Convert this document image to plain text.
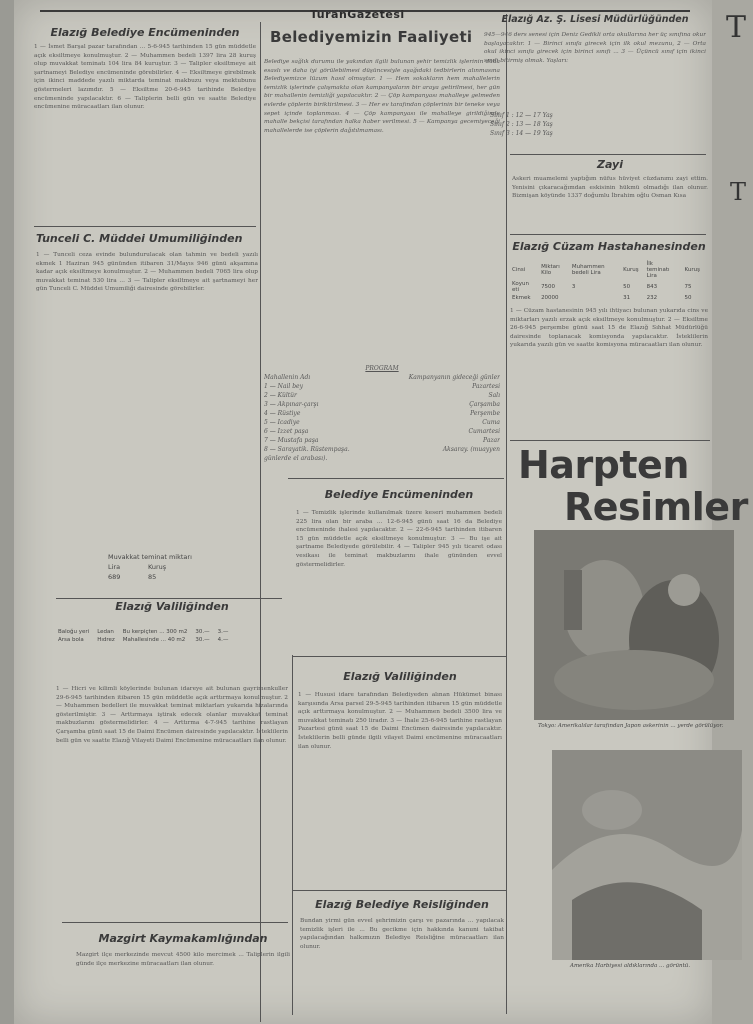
T
T
TuranGazetesi
Elazığ Belediye Encümeninden
1 — İsmet Barşal pazar tarafından ... 5-6-945 tarihinden 15 gün müddetle açık eksiltmeye konulmuştur. 2 — Muhammen bedeli 1397 lira 28 kuruş olup muvakkat teminatı 104 lira 84 kuruştur. 3 — Talipler eksiltmeye ait şartnameyi Belediye encümeninde görebilirler. 4 — Eksiltmeye girebilmek için ikinci maddede yazılı miktarda teminat makbuzu veya mektubunu göstermeleri lazımdır. 5 — Eksiltme 20-6-945 tarihinde Belediye encümeninde yapılacaktır. 6 — Taliplerin belli gün ve saatte Belediye encümenine müracaatları ilan olunur.
Tunceli C. Müddei Umumiliğinden
1 — Tunceli ceza evinde bulundurulacak olan tahmin ve bedeli yazılı ekmek 1 Haziran 945 gününden itibaren 31/Mayıs 946 günü akşamına kadar açık eksiltmeye konulmuştur. 2 — Muhammen bedeli 7065 lira olup muvakkat teminat 530 lira ... 3 — Talipler eksiltmeye ait şartnameyi her gün Tunceli C. Müddei Umumiliği dairesinde görebilirler.
Muvakkat teminat miktarı	
Lira	Kuruş
689	85
Elazığ Valiliğinden
Baloğu yeri	Ledan	Bu kerpiçten ... 300 m2	30.—	3.—
Arsa bola	Hıdrez	Mahallesinde ... 40 m2	30.—	4.—
1 — Hicri ve kilimli köylerinde bulunan idareye ait bulunan gayrimenkuller 29-6-945 tarihinden itibaren 15 gün müddetle açık arttırmaya konulmuştur. 2 — Muhammen bedelleri ile muvakkat teminat miktarları yukarıda hizalarında gösterilmiştir. 3 — Arttırmaya iştirak edecek olanlar muvakkat teminat makbuzlarını göstermelidirler. 4 — Arttırma 4-7-945 tarihine rastlayan Çarşamba günü saat 15 de Daimi Encümen dairesinde yapılacaktır. İsteklilerin belli gün ve saatte Elazığ Vilayeti Daimi Encümenine müracaatları ilan olunur.
Mazgirt Kaymakamlığından
Mazgirt ilçe merkezinde mevcut 4500 kilo mercimek ... Taliplerin ilgili günde ilçe merkezine müracaatları ilan olunur.
Belediyemizin Faaliyeti
Belediye sağlık durumu ile yakından ilgili bulunan şehir temizlik işlerinin daha esaslı ve daha iyi görülebilmesi düşüncesiyle aşağıdaki tedbirlerin alınmasına Belediyemizce lüzum hasıl olmuştur. 1 — Hem sokakların hem mahallelerin temizlik işlerinde çalışmakta olan kampanyaların bir araya getirilmesi, her gün bir mahallenin temizliği yapılacaktır. 2 — Çöp kampanyası mahalleye gelmeden evlerde çöplerin biriktirilmesi. 3 — Her ev tarafından çöplerinin bir teneke veya sepet içinde toplanması. 4 — Çöp kampanyası ile mahalleye girildiğinde mahalle bekçisi tarafından halka haber verilmesi. 5 — Kampanya gecemiyeceği mahallelerde ise çöplerin dağıtılmaması.
PROGRAM
Mahallenin Adı	Kampanyanın gideceği günler
1 — Nail bey	Pazartesi
2 — Kültür	Salı
3 — Akpınar-çarşı	Çarşamba
4 — Rüstiye	Perşembe
5 — İcadiye	Cuma
6 — İzzet paşa	Cumartesi
7 — Mustafa paşa	Pazar
8 — Sarayatik. Rüstempaşa.	Aksaray. (muayyen
günlerde el arabası).
Belediye Encümeninden
1 — Temizlik işlerinde kullanılmak üzere keseri muhammen bedeli 225 lira olan bir araba ... 12-6-945 günü saat 16 da Belediye encümeninde ihalesi yapılacaktır. 2 — 22-6-945 tarihinden itibaren 15 gün müddetle açık eksiltmeye konulmuştur. 3 — Bu işe ait şartname Belediyede görülebilir. 4 — Talipler 945 yılı ticaret odası vesikası ile teminat makbuzlarını ihale gününden evvel göstermelidirler.
Elazığ Valiliğinden
1 — Hususi idare tarafından Belediyeden alınan Hükümet binası karşısında Arsa parsel 29-5-945 tarihinden itibaren 15 gün müddetle açık arttırmaya konulmuştur. 2 — Muhammen bedeli 3500 lira ve muvakkat teminatı 250 liradır. 3 — İhale 25-6-945 tarihine rastlayan Pazartesi günü saat 15 de Daimi Encümen dairesinde yapılacaktır. İsteklilerin belli günde ilgili vilayet Daimi encümenine müracaatları ilan olunur.
Elazığ Belediye Reisliğinden
Bundan yirmi gün evvel şehrimizin çarşı ve pazarında ... yapılacak temizlik işleri ile ... Bu gecikme için hakkında kanuni takibat yapılacağından halkımızın Belediye Reisliğine müracaatları ilan olunur.
Elazığ Az. Ş. Lisesi Müdürlüğünden
945—946 ders senesi için Deniz Gedikli orta okullarına her üç sınıfına okur başlayacaktır. 1 — Birinci sınıfa girecek için ilk okul mezunu, 2 — Orta okul ikinci sınıfa girecek için birinci sınıfı ... 3 — Üçüncü sınıf için ikinci sınıfı bitirmiş olmak. Yaşları:
Sınıf 1 : 12 — 17 Yaş
Sınıf 2 : 13 — 18 Yaş
Sınıf 3 : 14 — 19 Yaş
Zayi
Askeri muamelemi yaptığım nüfus hüviyet cüzdanımı zayi ettim. Yenisini çıkaracağımdan eskisinin hükmü olmadığı ilan olunur. Bizmişan köyünde 1337 doğumlu İbrahim oğlu Osman Kısa
Elazığ Cüzam Hastahanesinden
Cinsi	Miktarı Kilo	Muhammen bedeli Lira	Kuruş	İlk teminatı Lira	Kuruş
Koyun eti	7500	3	50	843	75
Ekmek	20000		31	232	50
1 — Cüzam hastanesinin 945 yılı ihtiyacı bulunan yukarıda cins ve miktarları yazılı erzak açık eksiltmeye konulmuştur. 2 — Eksiltme 26-6-945 perşembe günü saat 15 de Elazığ Sıhhat Müdürlüğü dairesinde toplanacak komisyonda yapılacaktır. İsteklilerin yukarıda yazılı gün ve saatte komisyona müracaatları ilan olunur.
Harpten
Resimler
Tokyo: Amerikalılar tarafından Japon askerinin ... yerde görülüyor.
Amerika Harbiyesi aldıklarında ... görüntü.
